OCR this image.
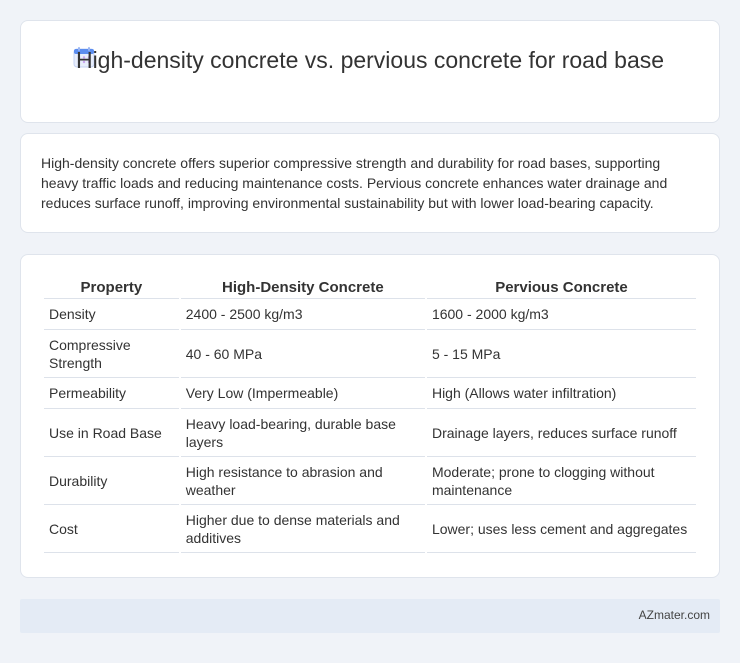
High-density concrete vs. pervious concrete for road base

High-density concrete offers superior compressive strength and durability for road bases, supporting heavy traffic loads and reducing maintenance costs. Pervious concrete enhances water drainage and reduces surface runoff, improving environmental sustainability but with lower load-bearing capacity.

Property	High-Density Concrete	Pervious Concrete
Density	2400 - 2500 kg/m3	1600 - 2000 kg/m3
Compressive Strength	40 - 60 MPa	5 - 15 MPa
Permeability	Very Low (Impermeable)	High (Allows water infiltration)
Use in Road Base	Heavy load-bearing, durable base layers	Drainage layers, reduces surface runoff
Durability	High resistance to abrasion and weather	Moderate; prone to clogging without maintenance
Cost	Higher due to dense materials and additives	Lower; uses less cement and aggregates
AZmater.com
